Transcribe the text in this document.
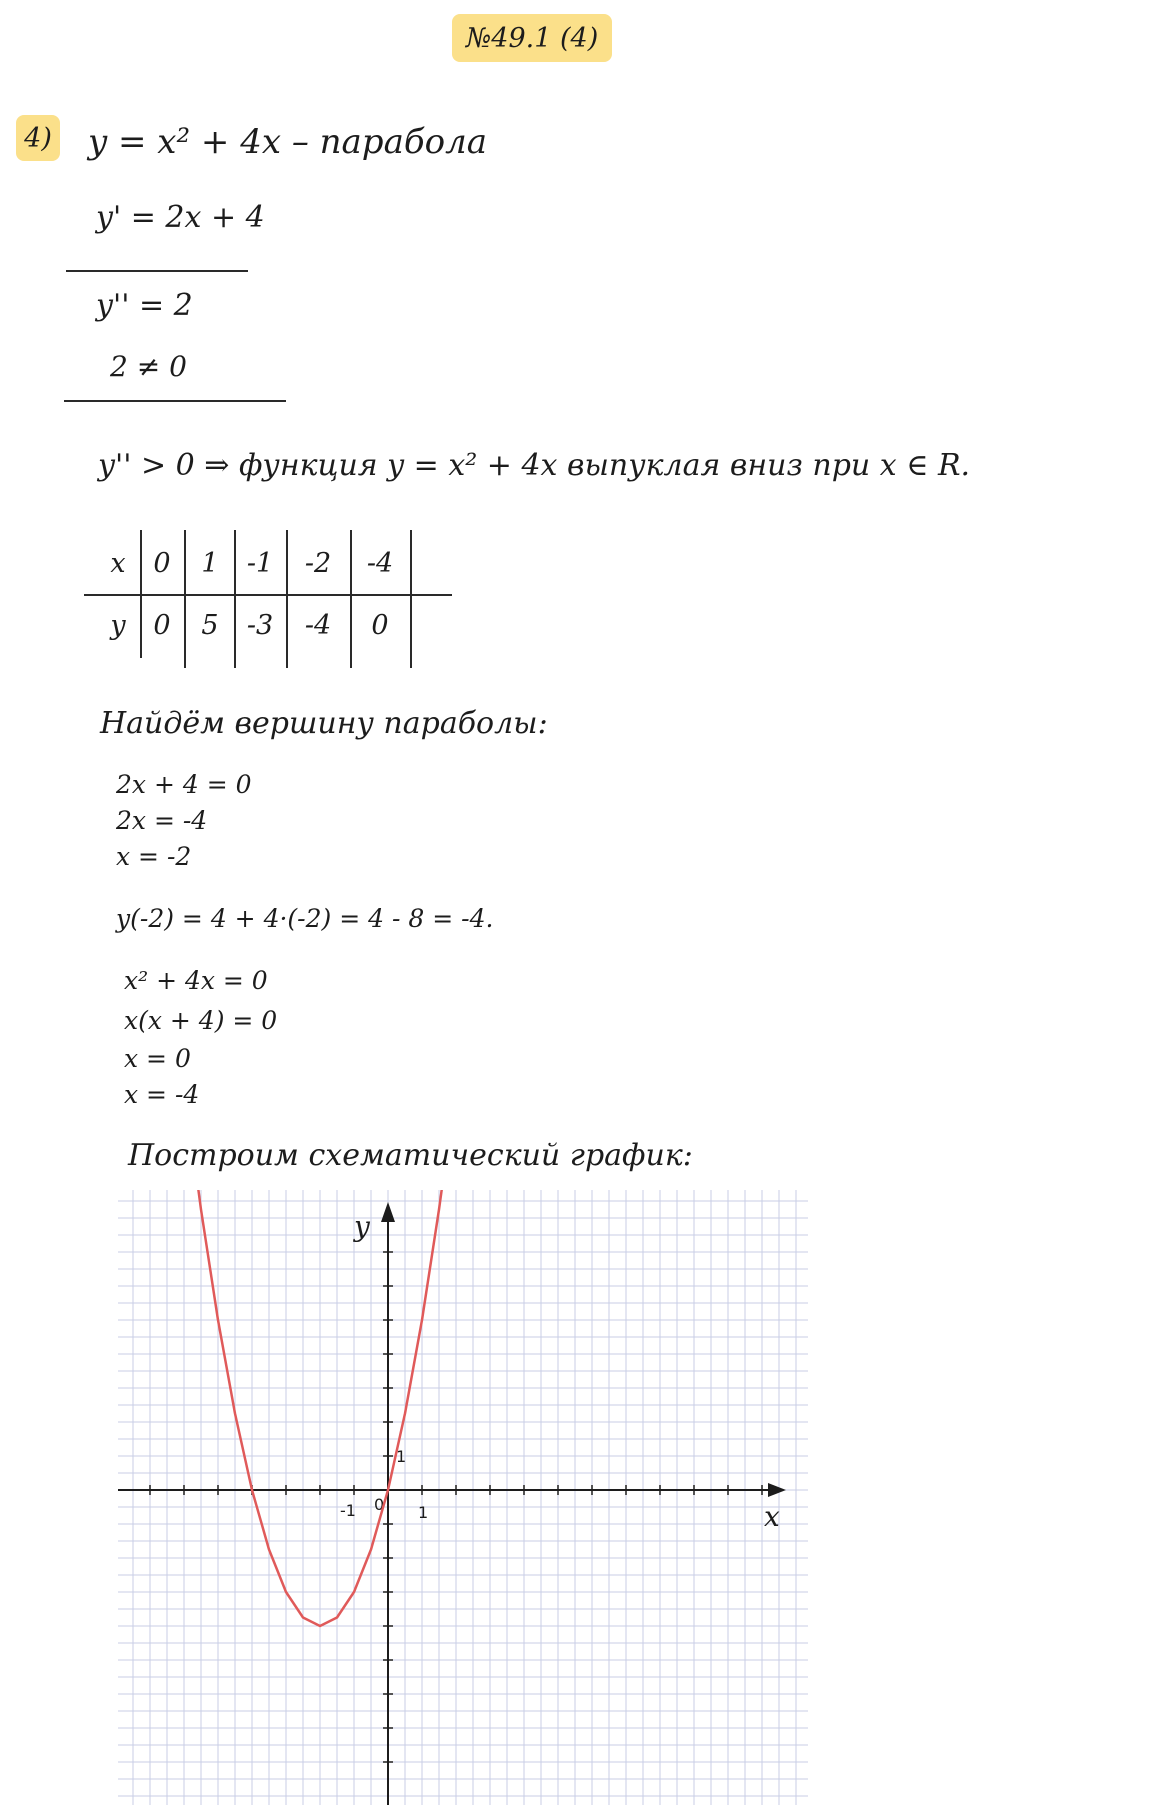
№49.1 (4)
4) y = x² + 4x – парабола
y' = 2x + 4
y'' = 2
2 ≠ 0
y'' > 0 ⇒ функция y = x² + 4x выпуклая вниз при x ∈ R.
x	0	1	-1	-2	-4
y	0	5	-3	-4	0
Найдём вершину параболы:
2x + 4 = 0
2x = -4
x = -2
y(-2) = 4 + 4·(-2) = 4 - 8 = -4.
x² + 4x = 0
x(x + 4) = 0
x = 0
x = -4
Построим схематический график:
x
y
-1 0 1
1
